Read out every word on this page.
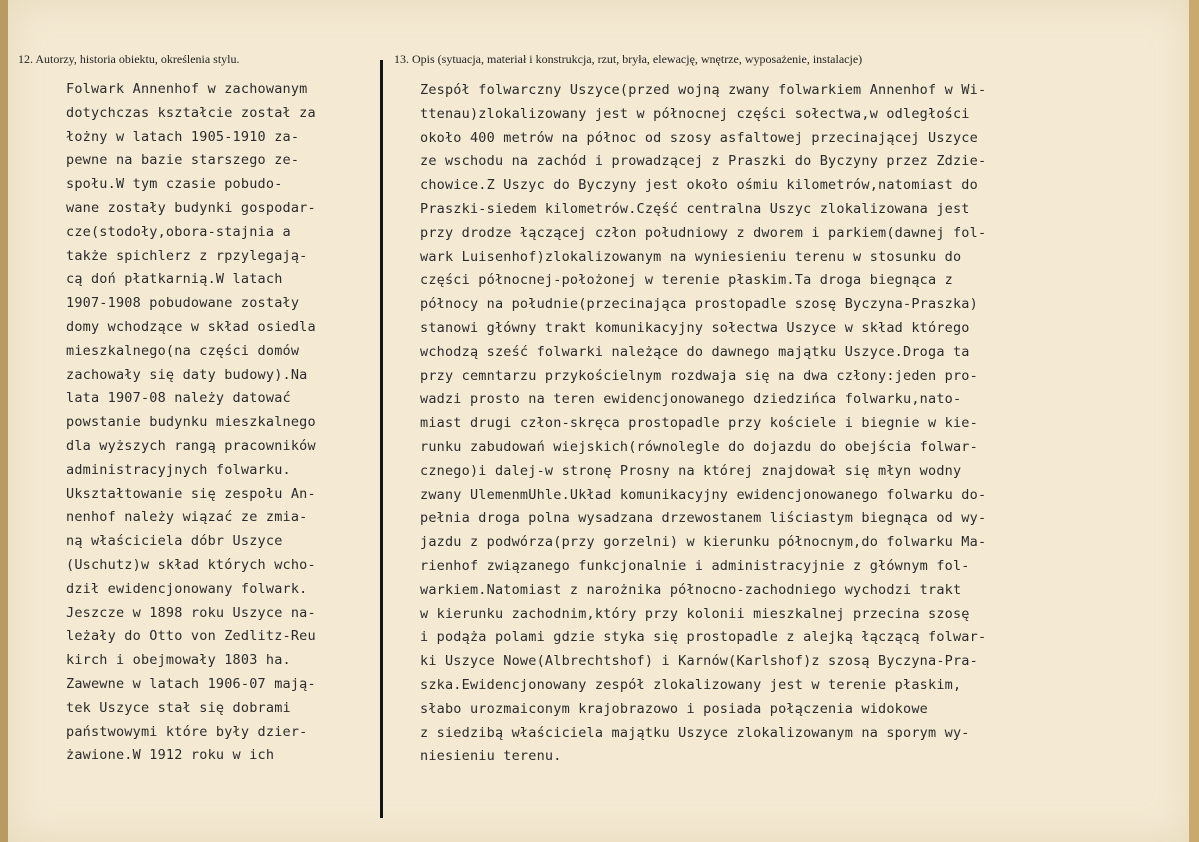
12. Autorzy, historia obiektu, określenia stylu.	13. Opis (sytuacja, materiał i konstrukcja, rzut, bryła, elewację, wnętrze, wyposażenie, instalacje)
Folwark Annenhof w zachowanym
dotychczas kształcie został za
łożny w latach 1905-1910 za-
pewne na bazie starszego ze-
społu.W tym czasie pobudo-
wane zostały budynki gospodar-
cze(stodoły,obora-stajnia a
także spichlerz z rpzylegają-
cą doń płatkarnią.W latach
1907-1908 pobudowane zostały
domy wchodzące w skład osiedla
mieszkalnego(na części domów
zachowały się daty budowy).Na
lata 1907-08 należy datować
powstanie budynku mieszkalnego
dla wyższych rangą pracowników
administracyjnych folwarku.
Ukształtowanie się zespołu An-
nenhof należy wiązać ze zmia-
ną właściciela dóbr Uszyce
(Uschutz)w skład których wcho-
dził ewidencjonowany folwark.
Jeszcze w 1898 roku Uszyce na-
leżały do Otto von Zedlitz-Reu
kirch i obejmowały 1803 ha.
Zawewne w latach 1906-07 mają-
tek Uszyce stał się dobrami
państwowymi które były dzier-
żawione.W 1912 roku w ich
Zespół folwarczny Uszyce(przed wojną zwany folwarkiem Annenhof w Wi-
ttenau)zlokalizowany jest w północnej części sołectwa,w odległości
około 400 metrów na północ od szosy asfaltowej przecinającej Uszyce
ze wschodu na zachód i prowadzącej z Praszki do Byczyny przez Zdzie-
chowice.Z Uszyc do Byczyny jest około ośmiu kilometrów,natomiast do
Praszki-siedem kilometrów.Część centralna Uszyc zlokalizowana jest
przy drodze łączącej człon południowy z dworem i parkiem(dawnej fol-
wark Luisenhof)zlokalizowanym na wyniesieniu terenu w stosunku do
części północnej-położonej w terenie płaskim.Ta droga biegnąca z
północy na południe(przecinająca prostopadle szosę Byczyna-Praszka)
stanowi główny trakt komunikacyjny sołectwa Uszyce w skład którego
wchodzą sześć folwarki należące do dawnego majątku Uszyce.Droga ta
przy cemntarzu przykościelnym rozdwaja się na dwa człony:jeden pro-
wadzi prosto na teren ewidencjonowanego dziedzińca folwarku,nato-
miast drugi człon-skręca prostopadle przy kościele i biegnie w kie-
runku zabudowań wiejskich(równolegle do dojazdu do obejścia folwar-
cznego)i dalej-w stronę Prosny na której znajdował się młyn wodny
zwany UlemenmUhle.Układ komunikacyjny ewidencjonowanego folwarku do-
pełnia droga polna wysadzana drzewostanem liściastym biegnąca od wy-
jazdu z podwórza(przy gorzelni) w kierunku północnym,do folwarku Ma-
rienhof związanego funkcjonalnie i administracyjnie z głównym fol-
warkiem.Natomiast z narożnika północno-zachodniego wychodzi trakt
w kierunku zachodnim,który przy kolonii mieszkalnej przecina szosę
i podąża polami gdzie styka się prostopadle z alejką łączącą folwar-
ki Uszyce Nowe(Albrechtshof) i Karnów(Karlshof)z szosą Byczyna-Pra-
szka.Ewidencjonowany zespół zlokalizowany jest w terenie płaskim,
słabo urozmaiconym krajobrazowo i posiada połączenia widokowe
z siedzibą właściciela majątku Uszyce zlokalizowanym na sporym wy-
niesieniu terenu.
